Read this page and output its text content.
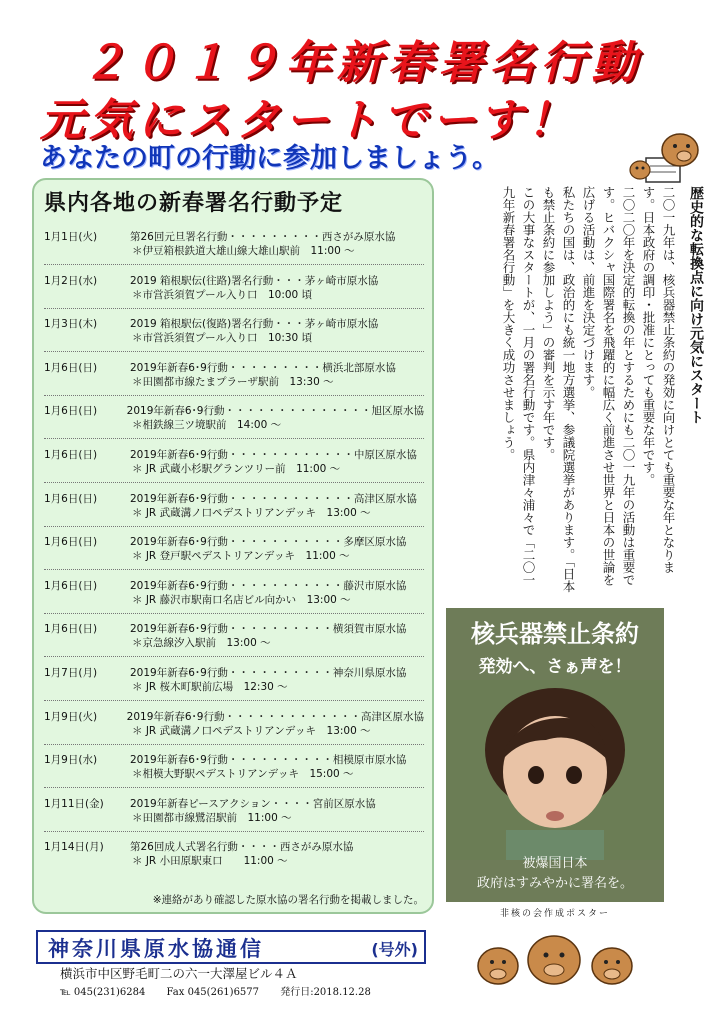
２０１９年新春署名行動
元気にスタートでーす！
あなたの町の行動に参加しましょう。
県内各地の新春署名行動予定
1月1日(火)	第26回元旦署名行動・・・・・・・・・西さがみ原水協
＊伊豆箱根鉄道大雄山線大雄山駅前　11:00 〜
1月2日(水)	2019 箱根駅伝(往路)署名行動・・・茅ヶ崎市原水協
＊市営浜須賀プール入り口　10:00 頃
1月3日(木)	2019 箱根駅伝(復路)署名行動・・・茅ヶ崎市原水協
＊市営浜須賀プール入り口　10:30 頃
1月6日(日)	2019年新春6･9行動・・・・・・・・・横浜北部原水協
＊田園都市線たまプラーザ駅前　13:30 〜
1月6日(日)	2019年新春6･9行動・・・・・・・・・・・・・・旭区原水協
＊相鉄線三ツ境駅前　14:00 〜
1月6日(日)	2019年新春6･9行動・・・・・・・・・・・・中原区原水協
＊ JR 武蔵小杉駅グランツリー前　11:00 〜
1月6日(日)	2019年新春6･9行動・・・・・・・・・・・・高津区原水協
＊ JR 武蔵溝ノ口ペデストリアンデッキ　13:00 〜
1月6日(日)	2019年新春6･9行動・・・・・・・・・・・多摩区原水協
＊ JR 登戸駅ペデストリアンデッキ　11:00 〜
1月6日(日)	2019年新春6･9行動・・・・・・・・・・・藤沢市原水協
＊ JR 藤沢市駅南口名店ビル向かい　13:00 〜
1月6日(日)	2019年新春6･9行動・・・・・・・・・・横須賀市原水協
＊京急線汐入駅前　13:00 〜
1月7日(月)	2019年新春6･9行動・・・・・・・・・・神奈川県原水協
＊ JR 桜木町駅前広場　12:30 〜
1月9日(火)	2019年新春6･9行動・・・・・・・・・・・・・高津区原水協
＊ JR 武蔵溝ノ口ペデストリアンデッキ　13:00 〜
1月9日(水)	2019年新春6･9行動・・・・・・・・・・相模原市原水協
＊相模大野駅ペデストリアンデッキ　15:00 〜
1月11日(金)	2019年新春ピースアクション・・・・宮前区原水協
＊田園都市線鷺沼駅前　11:00 〜
1月14日(月)	第26回成人式署名行動・・・・西さがみ原水協
＊ JR 小田原駅東口　　11:00 〜
※連絡があり確認した原水協の署名行動を掲載しました。
歴史的な転換点に向け元気にスタート

二〇一九年は、核兵器禁止条約の発効に向けとても重要な年となります。日本政府の調印・批准にとっても重要な年です。

二〇二〇年を決定的転換の年とするためにも二〇一九年の活動は重要です。ヒバクシャ国際署名を飛躍的に幅広く前進させ世界と日本の世論を広げる活動は、前進を決定づけます。

私たちの国は、政治的にも統一地方選挙、参議院選挙があります。「日本も禁止条約に参加しよう」の審判を示す年です。

この大事なスタートが、一月の署名行動です。県内津々浦々で「二〇一九年新春署名行動」を大きく成功させましょう。

核兵器禁止条約
発効へ、さぁ声を！
被爆国日本
政府はすみやかに署名を。
非核の会作成ポスター
神奈川県原水協通信	(号外)
横浜市中区野毛町二の六一大澤屋ビル４Ａ
℡ 045(231)6284 Fax 045(261)6577 発行日:2018.12.28
